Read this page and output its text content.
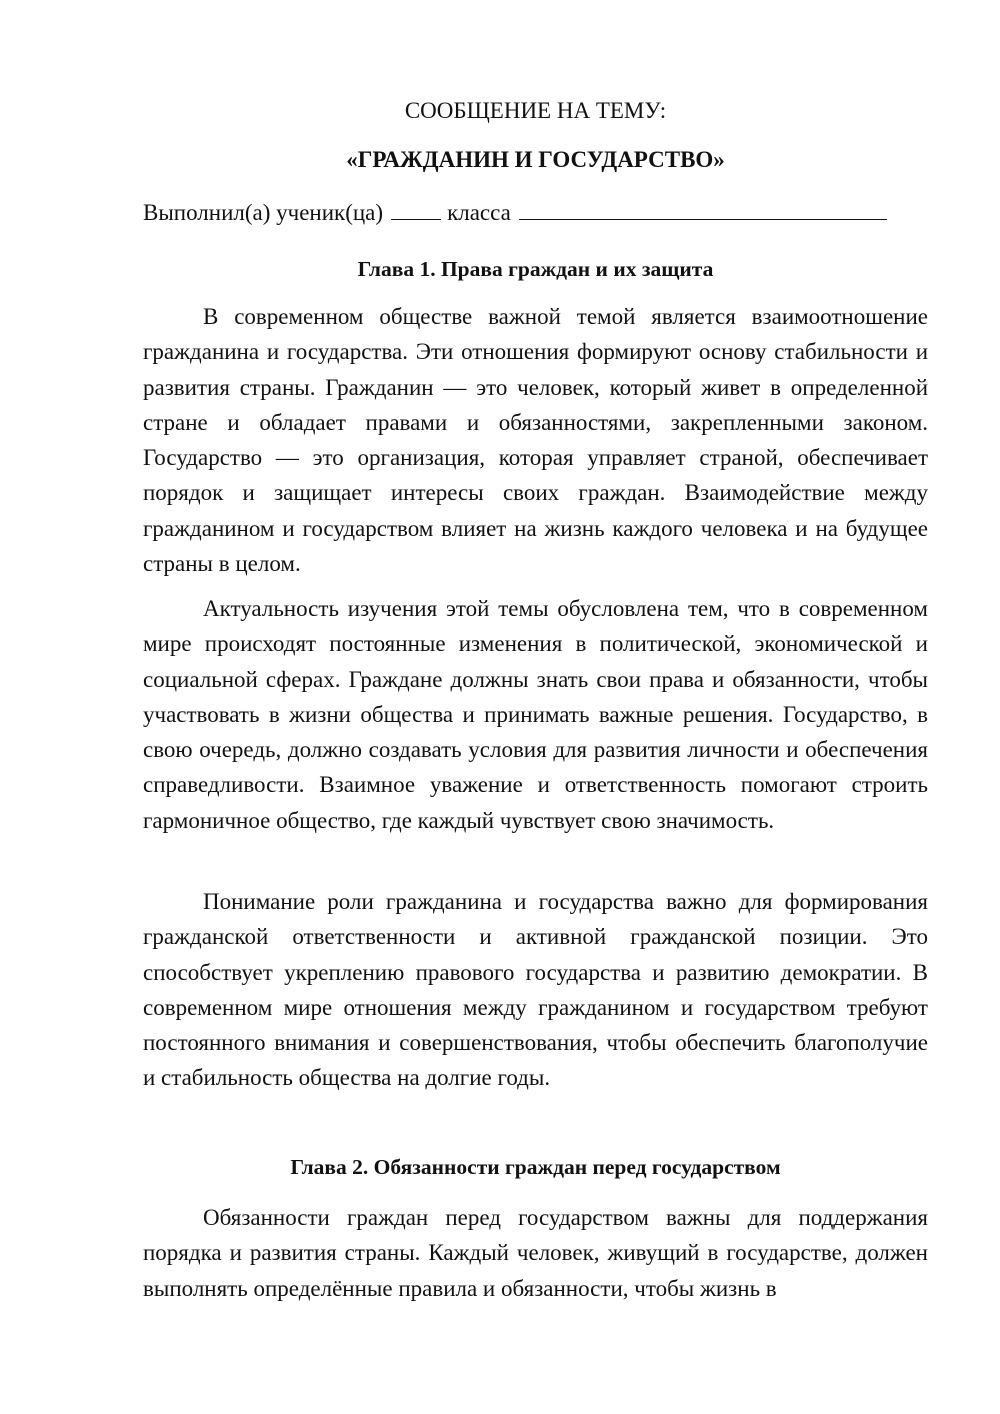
СООБЩЕНИЕ НА ТЕМУ:
«ГРАЖДАНИН И ГОСУДАРСТВО»
Выполнил(а) ученик(ца)	класса
Глава 1. Права граждан и их защита

В современном обществе важной темой является взаимоотношение гражданина и государства. Эти отношения формируют основу стабильности и развития страны. Гражданин — это человек, который живет в определенной стране и обладает правами и обязанностями, закрепленными законом. Государство — это организация, которая управляет страной, обеспечивает порядок и защищает интересы своих граждан. Взаимодействие между гражданином и государством влияет на жизнь каждого человека и на будущее страны в целом.

Актуальность изучения этой темы обусловлена тем, что в современном мире происходят постоянные изменения в политической, экономической и социальной сферах. Граждане должны знать свои права и обязанности, чтобы участвовать в жизни общества и принимать важные решения. Государство, в свою очередь, должно создавать условия для развития личности и обеспечения справедливости. Взаимное уважение и ответственность помогают строить гармоничное общество, где каждый чувствует свою значимость.

Понимание роли гражданина и государства важно для формирования гражданской ответственности и активной гражданской позиции. Это способствует укреплению правового государства и развитию демократии. В современном мире отношения между гражданином и государством требуют постоянного внимания и совершенствования, чтобы обеспечить благополучие и стабильность общества на долгие годы.

Глава 2. Обязанности граждан перед государством

Обязанности граждан перед государством важны для поддержания порядка и развития страны. Каждый человек, живущий в государстве, должен выполнять определённые правила и обязанности, чтобы жизнь в
